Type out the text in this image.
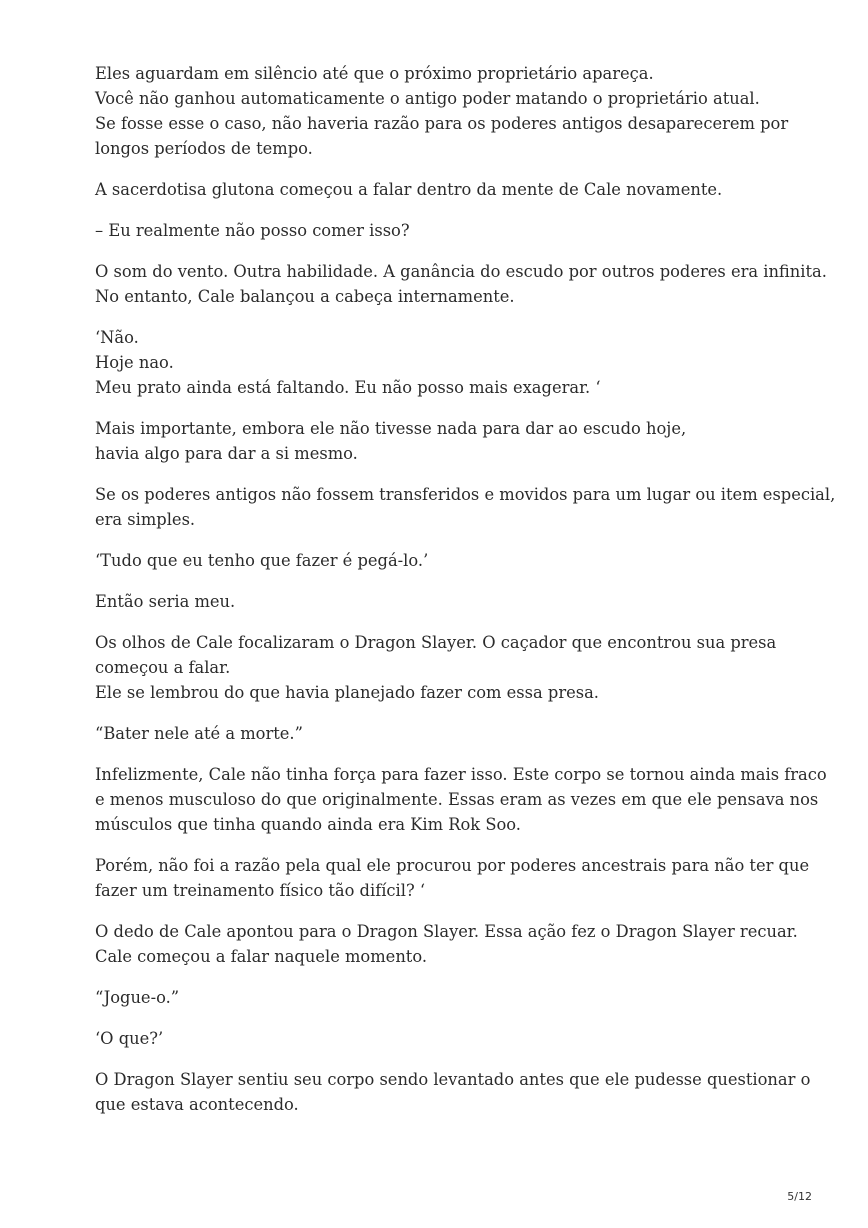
Eles aguardam em silêncio até que o próximo proprietário apareça.
Você não ganhou automaticamente o antigo poder matando o proprietário atual.
Se fosse esse o caso, não haveria razão para os poderes antigos desaparecerem por
longos períodos de tempo.

A sacerdotisa glutona começou a falar dentro da mente de Cale novamente.

– Eu realmente não posso comer isso?

O som do vento. Outra habilidade. A ganância do escudo por outros poderes era infinita.
No entanto, Cale balançou a cabeça internamente.

‘Não.
Hoje nao.
Meu prato ainda está faltando. Eu não posso mais exagerar. ‘

Mais importante, embora ele não tivesse nada para dar ao escudo hoje,
havia algo para dar a si mesmo.

Se os poderes antigos não fossem transferidos e movidos para um lugar ou item especial,
era simples.

‘Tudo que eu tenho que fazer é pegá-lo.’

Então seria meu.

Os olhos de Cale focalizaram o Dragon Slayer. O caçador que encontrou sua presa
começou a falar.
Ele se lembrou do que havia planejado fazer com essa presa.

“Bater nele até a morte.”

Infelizmente, Cale não tinha força para fazer isso. Este corpo se tornou ainda mais fraco
e menos musculoso do que originalmente. Essas eram as vezes em que ele pensava nos
músculos que tinha quando ainda era Kim Rok Soo.

Porém, não foi a razão pela qual ele procurou por poderes ancestrais para não ter que
fazer um treinamento físico tão difícil? ‘

O dedo de Cale apontou para o Dragon Slayer. Essa ação fez o Dragon Slayer recuar.
Cale começou a falar naquele momento.

“Jogue-o.”

‘O que?’

O Dragon Slayer sentiu seu corpo sendo levantado antes que ele pudesse questionar o
que estava acontecendo.

5/12
